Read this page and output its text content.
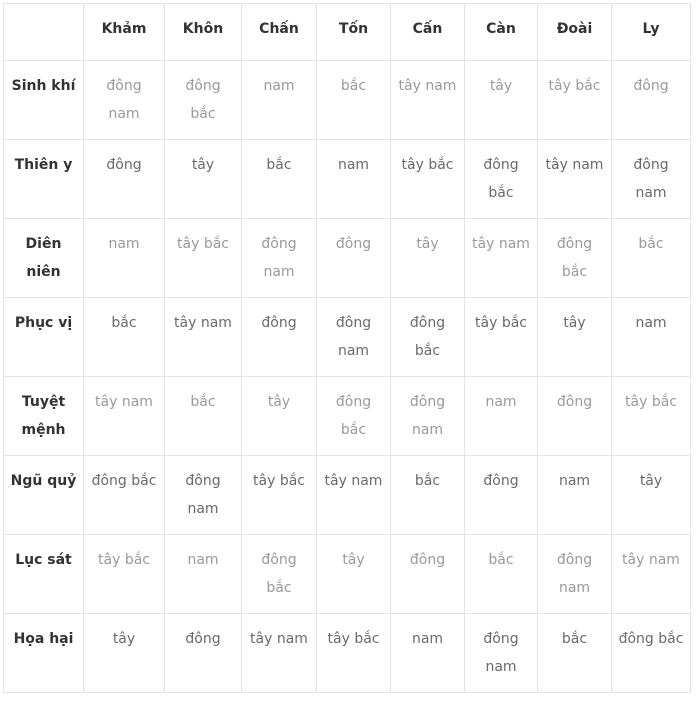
	Khảm	Khôn	Chấn	Tốn	Cấn	Càn	Đoài	Ly
Sinh khí	đông nam	đông bắc	nam	bắc	tây nam	tây	tây bắc	đông
Thiên y	đông	tây	bắc	nam	tây bắc	đông bắc	tây nam	đông nam
Diên niên	nam	tây bắc	đông nam	đông	tây	tây nam	đông bắc	bắc
Phục vị	bắc	tây nam	đông	đông nam	đông bắc	tây bắc	tây	nam
Tuyệt mệnh	tây nam	bắc	tây	đông bắc	đông nam	nam	đông	tây bắc
Ngũ quỷ	đông bắc	đông nam	tây bắc	tây nam	bắc	đông	nam	tây
Lục sát	tây bắc	nam	đông bắc	tây	đông	bắc	đông nam	tây nam
Họa hại	tây	đông	tây nam	tây bắc	nam	đông nam	bắc	đông bắc
